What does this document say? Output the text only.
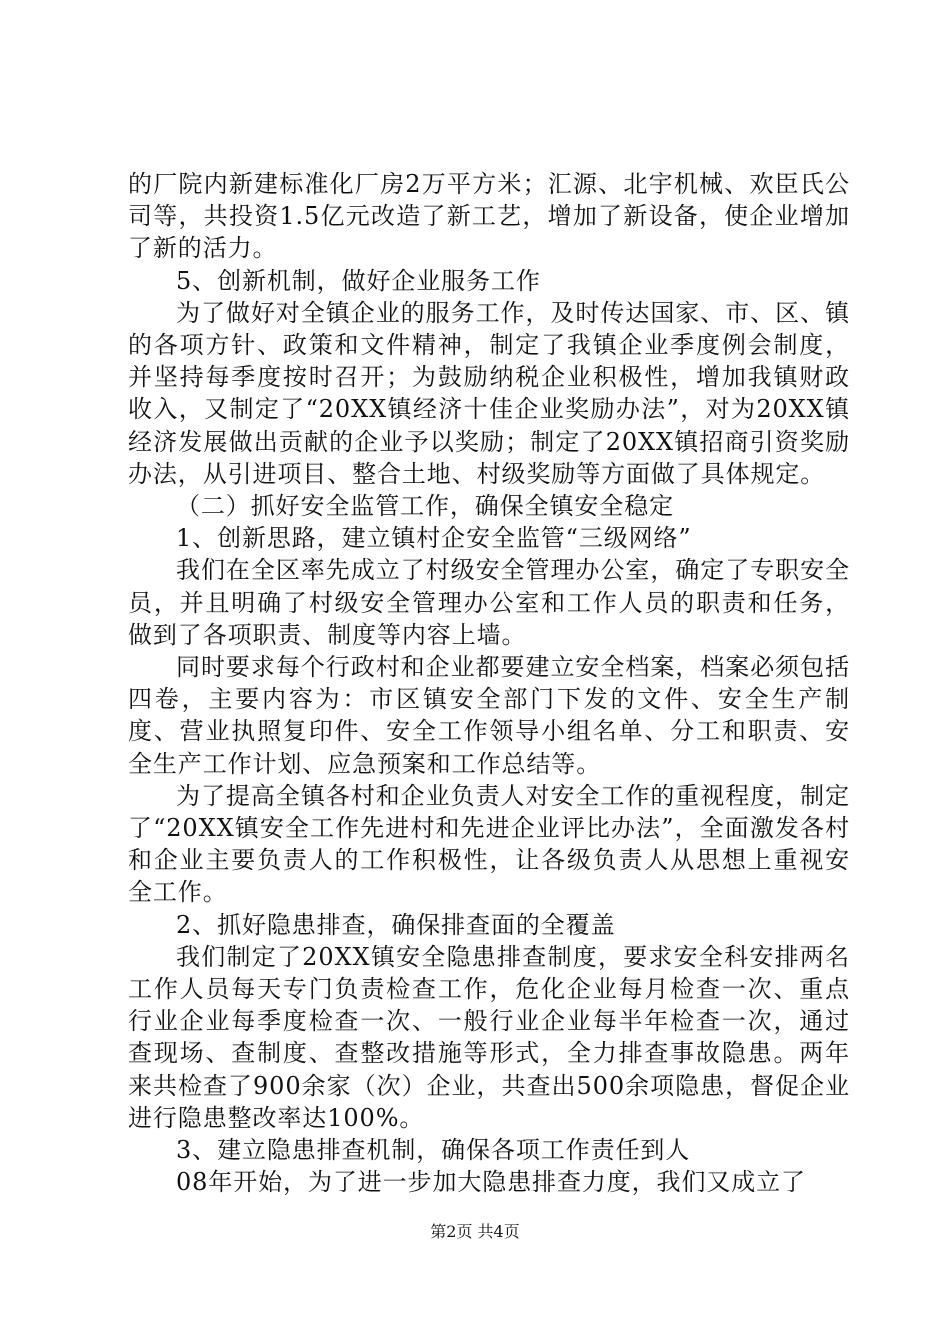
的厂院内新建标准化厂房2万平方米；汇源、北宇机械、欢臣氏公司等，共投资1.5亿元改造了新工艺，增加了新设备，使企业增加了新的活力。

5、创新机制，做好企业服务工作

为了做好对全镇企业的服务工作，及时传达国家、市、区、镇的各项方针、政策和文件精神，制定了我镇企业季度例会制度，并坚持每季度按时召开；为鼓励纳税企业积极性，增加我镇财政收入，又制定了“20XX镇经济十佳企业奖励办法”，对为20XX镇经济发展做出贡献的企业予以奖励；制定了20XX镇招商引资奖励办法，从引进项目、整合土地、村级奖励等方面做了具体规定。

（二）抓好安全监管工作，确保全镇安全稳定

1、创新思路，建立镇村企安全监管“三级网络”

我们在全区率先成立了村级安全管理办公室，确定了专职安全员，并且明确了村级安全管理办公室和工作人员的职责和任务，做到了各项职责、制度等内容上墙。

同时要求每个行政村和企业都要建立安全档案，档案必须包括四卷，主要内容为：市区镇安全部门下发的文件、安全生产制度、营业执照复印件、安全工作领导小组名单、分工和职责、安全生产工作计划、应急预案和工作总结等。

为了提高全镇各村和企业负责人对安全工作的重视程度，制定了“20XX镇安全工作先进村和先进企业评比办法”，全面激发各村和企业主要负责人的工作积极性，让各级负责人从思想上重视安全工作。

2、抓好隐患排查，确保排查面的全覆盖

我们制定了20XX镇安全隐患排查制度，要求安全科安排两名工作人员每天专门负责检查工作，危化企业每月检查一次、重点行业企业每季度检查一次、一般行业企业每半年检查一次，通过查现场、查制度、查整改措施等形式，全力排查事故隐患。两年来共检查了900余家（次）企业，共查出500余项隐患，督促企业进行隐患整改率达100%。

3、建立隐患排查机制，确保各项工作责任到人

08年开始，为了进一步加大隐患排查力度，我们又成立了

第2页 共4页
